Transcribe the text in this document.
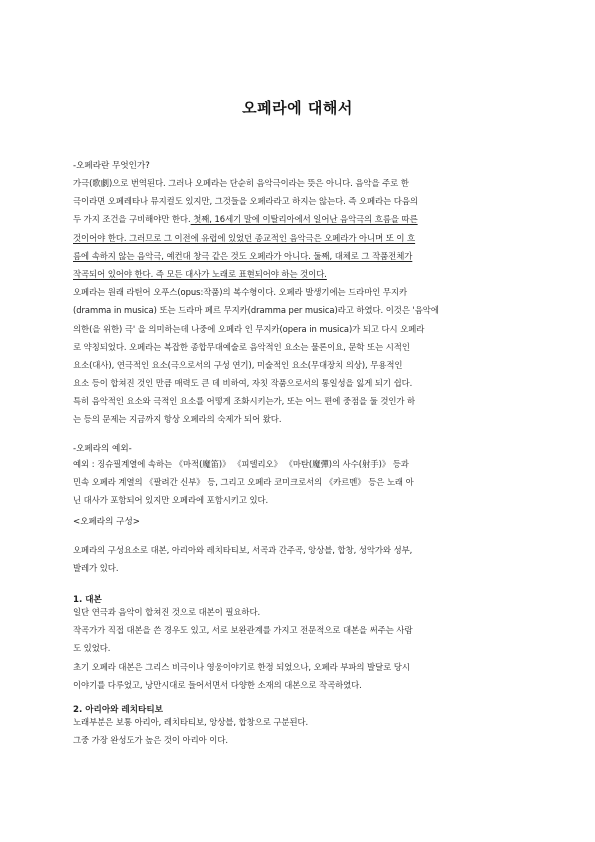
오페라에 대해서
-오페라란 무엇인가?
가극(歌劇)으로 번역된다. 그러나 오페라는 단순히 음악극이라는 뜻은 아니다. 음악을 주로 한
극이라면 오페레타나 뮤지컬도 있지만, 그것들을 오페라라고 하지는 않는다. 즉 오페라는 다음의
두 가지 조건을 구비해야만 한다. 첫째, 16세기 말에 이탈리아에서 일어난 음악극의 흐름을 따른
것이어야 한다. 그러므로 그 이전에 유럽에 있었던 종교적인 음악극은 오페라가 아니며 또 이 흐
름에 속하지 않는 음악극, 예컨대 창극 같은 것도 오페라가 아니다. 둘째, 대체로 그 작품전체가
작곡되어 있어야 한다. 즉 모든 대사가 노래로 표현되어야 하는 것이다.
오페라는 원래 라틴어 오푸스(opus:작품)의 복수형이다. 오페라 발생기에는 드라마인 무지카
(dramma in musica) 또는 드라마 페르 무지카(dramma per musica)라고 하였다. 이것은 '음악에
의한(을 위한) 극' 을 의미하는데 나중에 오페라 인 무지카(opera in musica)가 되고 다시 오페라
로 약칭되었다. 오페라는 복잡한 종합무대예술로 음악적인 요소는 물론이요, 문학 또는 시적인
요소(대사), 연극적인 요소(극으로서의 구성 연기), 미술적인 요소(무대장치 의상), 무용적인
요소 등이 합쳐진 것인 만큼 매력도 큰 데 비하여, 자칫 작품으로서의 통일성을 잃게 되기 쉽다.
특히 음악적인 요소와 극적인 요소를 어떻게 조화시키는가, 또는 어느 편에 중점을 둘 것인가 하
는 등의 문제는 지금까지 항상 오페라의 숙제가 되어 왔다.
-오페라의 예외-
예외 : 징슈필계열에 속하는 《마적(魔笛)》 《피델리오》 《마탄(魔彈)의 사수(射手)》 등과
민속 오페라 계열의 《팔려간 신부》 등, 그리고 오페라 코미크로서의 《카르멘》 등은 노래 아
닌 대사가 포함되어 있지만 오페라에 포함시키고 있다.
<오페라의 구성>
오페라의 구성요소로 대본, 아리아와 레치타티보, 서곡과 간주곡, 앙상블, 합창, 성악가와 성부,
발레가 있다.
1. 대본
일단 연극과 음악이 합쳐진 것으로 대본이 필요하다.
작곡가가 직접 대본을 쓴 경우도 있고, 서로 보완관계를 가지고 전문적으로 대본을 써주는 사람
도 있었다.
초기 오페라 대본은 그리스 비극이나 영웅이야기로 한정 되었으나, 오페라 부파의 발달로 당시
이야기를 다루었고, 낭만시대로 들어서면서 다양한 소재의 대본으로 작곡하였다.
2. 아리아와 레치타티보
노래부분은 보통 아리아, 레치타티보, 앙상블, 합창으로 구분된다.
그중 가장 완성도가 높은 것이 아리아 이다.
